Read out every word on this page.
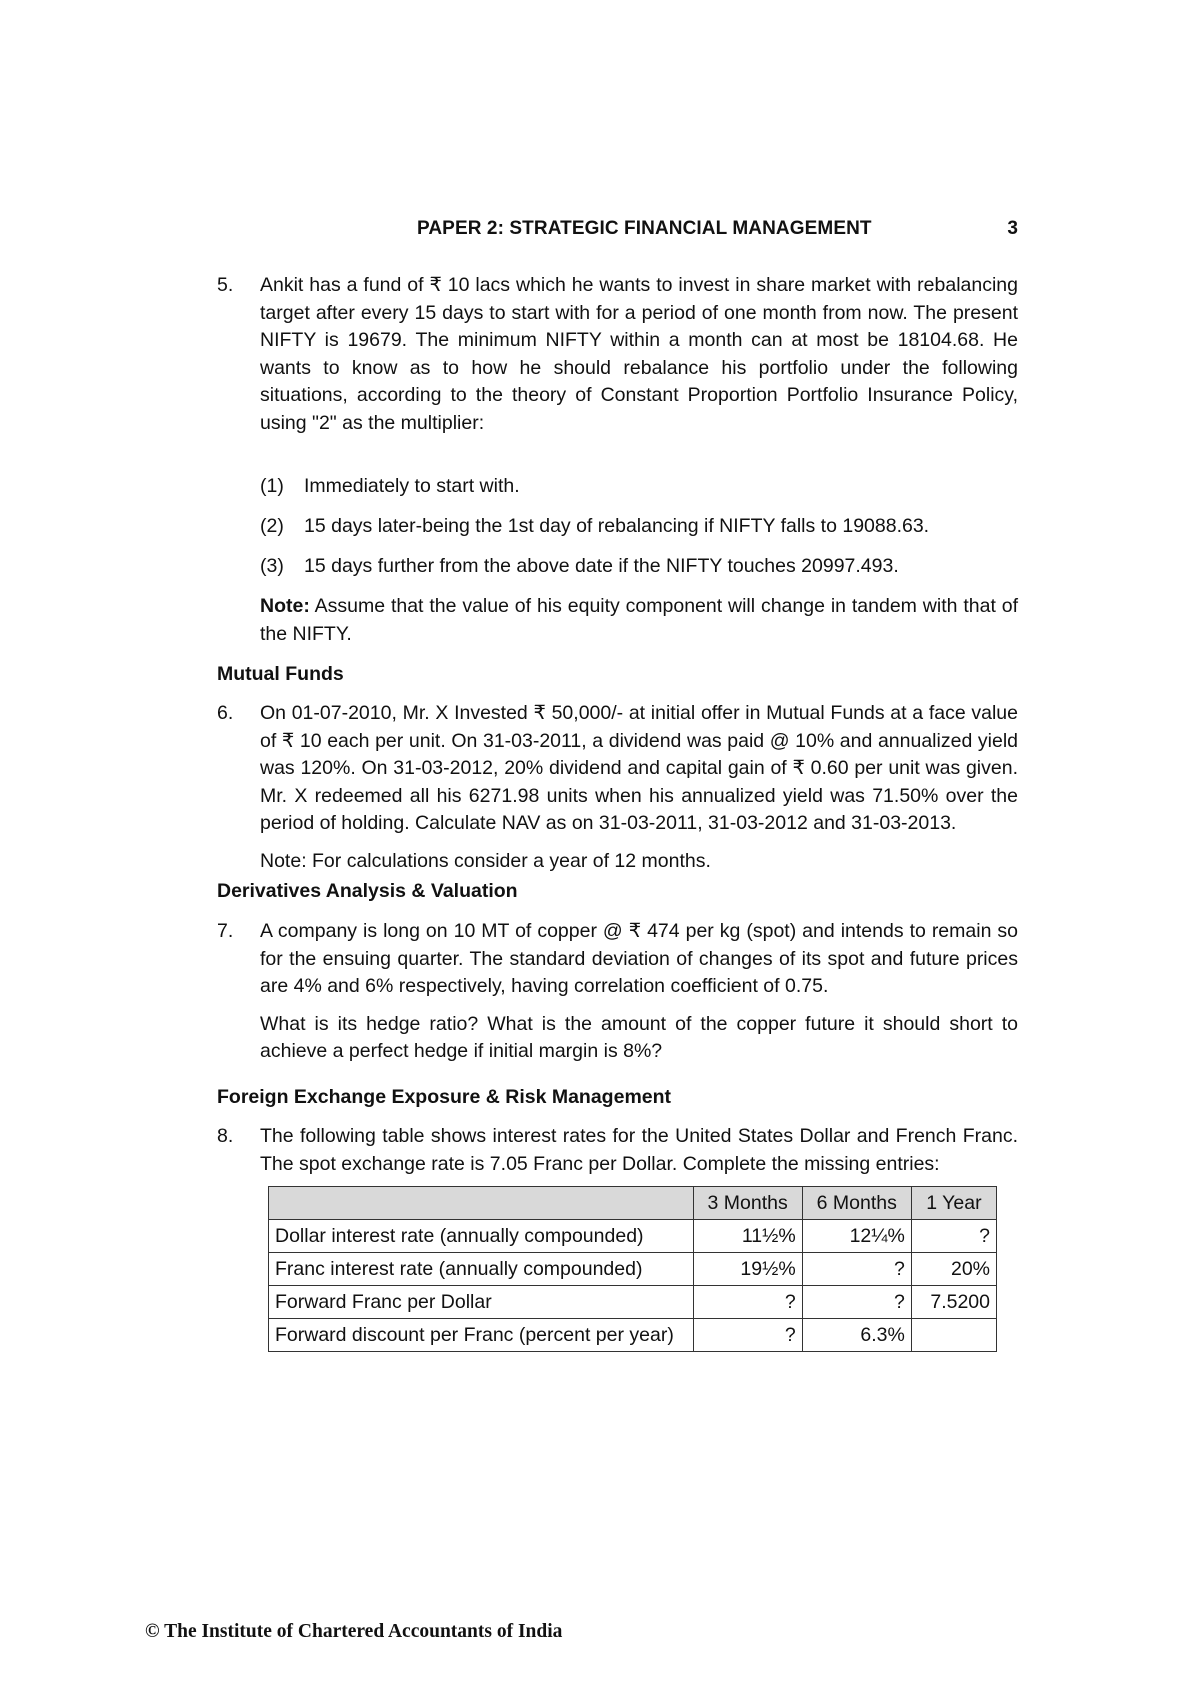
PAPER 2: STRATEGIC FINANCIAL MANAGEMENT	3
5.	Ankit has a fund of ₹ 10 lacs which he wants to invest in share market with rebalancing target after every 15 days to start with for a period of one month from now. The present NIFTY is 19679. The minimum NIFTY within a month can at most be 18104.68. He wants to know as to how he should rebalance his portfolio under the following situations, according to the theory of Constant Proportion Portfolio Insurance Policy, using "2" as the multiplier:

(1)	Immediately to start with.
(2)	15 days later-being the 1st day of rebalancing if NIFTY falls to 19088.63.
(3)	15 days further from the above date if the NIFTY touches 20997.493.

Note: Assume that the value of his equity component will change in tandem with that of the NIFTY.

Mutual Funds
6.	On 01-07-2010, Mr. X Invested ₹ 50,000/- at initial offer in Mutual Funds at a face value of ₹ 10 each per unit. On 31-03-2011, a dividend was paid @ 10% and annualized yield was 120%. On 31-03-2012, 20% dividend and capital gain of ₹ 0.60 per unit was given. Mr. X redeemed all his 6271.98 units when his annualized yield was 71.50% over the period of holding. Calculate NAV as on 31-03-2011, 31-03-2012 and 31-03-2013.

Note: For calculations consider a year of 12 months.

Derivatives Analysis & Valuation
7.	A company is long on 10 MT of copper @ ₹ 474 per kg (spot) and intends to remain so for the ensuing quarter. The standard deviation of changes of its spot and future prices are 4% and 6% respectively, having correlation coefficient of 0.75.

What is its hedge ratio? What is the amount of the copper future it should short to achieve a perfect hedge if initial margin is 8%?

Foreign Exchange Exposure & Risk Management
8.	The following table shows interest rates for the United States Dollar and French Franc. The spot exchange rate is 7.05 Franc per Dollar. Complete the missing entries:

	3 Months	6 Months	1 Year
Dollar interest rate (annually compounded)	11½%	12¼%	?
Franc interest rate (annually compounded)	19½%	?	20%
Forward Franc per Dollar	?	?	7.5200
Forward discount per Franc (percent per year)	?	6.3%	
© The Institute of Chartered Accountants of India
